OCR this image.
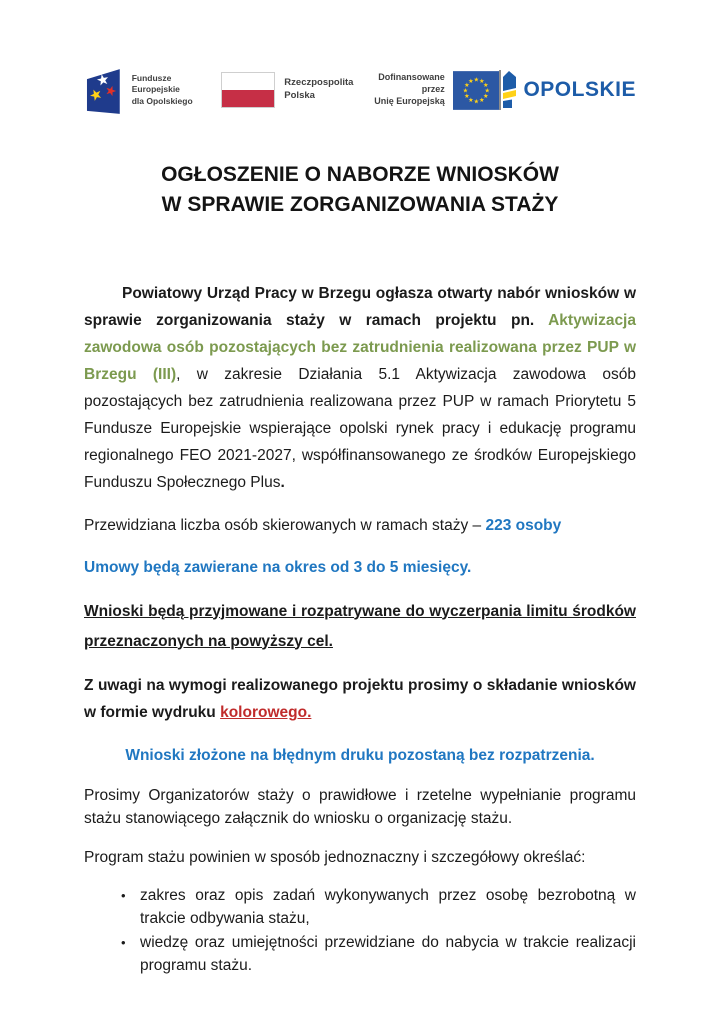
Fundusze Europejskie
dla Opolskiego
Rzeczpospolita
Polska
Dofinansowane przez
Unię Europejską	OPOLSKIE
OGŁOSZENIE O NABORZE WNIOSKÓW
W SPRAWIE ZORGANIZOWANIA STAŻY

Powiatowy Urząd Pracy w Brzegu ogłasza otwarty nabór wniosków w sprawie zorganizowania staży w ramach projektu pn. Aktywizacja zawodowa osób pozostających bez zatrudnienia realizowana przez PUP w Brzegu (III), w zakresie Działania 5.1 Aktywizacja zawodowa osób pozostających bez zatrudnienia realizowana przez PUP w ramach Priorytetu 5 Fundusze Europejskie wspierające opolski rynek pracy i edukację programu regionalnego FEO 2021-2027, współfinansowanego ze środków Europejskiego Funduszu Społecznego Plus.

Przewidziana liczba osób skierowanych w ramach staży – 223 osoby

Umowy będą zawierane na okres od 3 do 5 miesięcy.

Wnioski będą przyjmowane i rozpatrywane do wyczerpania limitu środków przeznaczonych na powyższy cel.

Z uwagi na wymogi realizowanego projektu prosimy o składanie wniosków w formie wydruku kolorowego.

Wnioski złożone na błędnym druku pozostaną bez rozpatrzenia.

Prosimy Organizatorów staży o prawidłowe i rzetelne wypełnianie programu stażu stanowiącego załącznik do wniosku o organizację stażu.

Program stażu powinien w sposób jednoznaczny i szczegółowy określać:

• zakres oraz opis zadań wykonywanych przez osobę bezrobotną w trakcie odbywania stażu,
• wiedzę oraz umiejętności przewidziane do nabycia w trakcie realizacji programu stażu.
